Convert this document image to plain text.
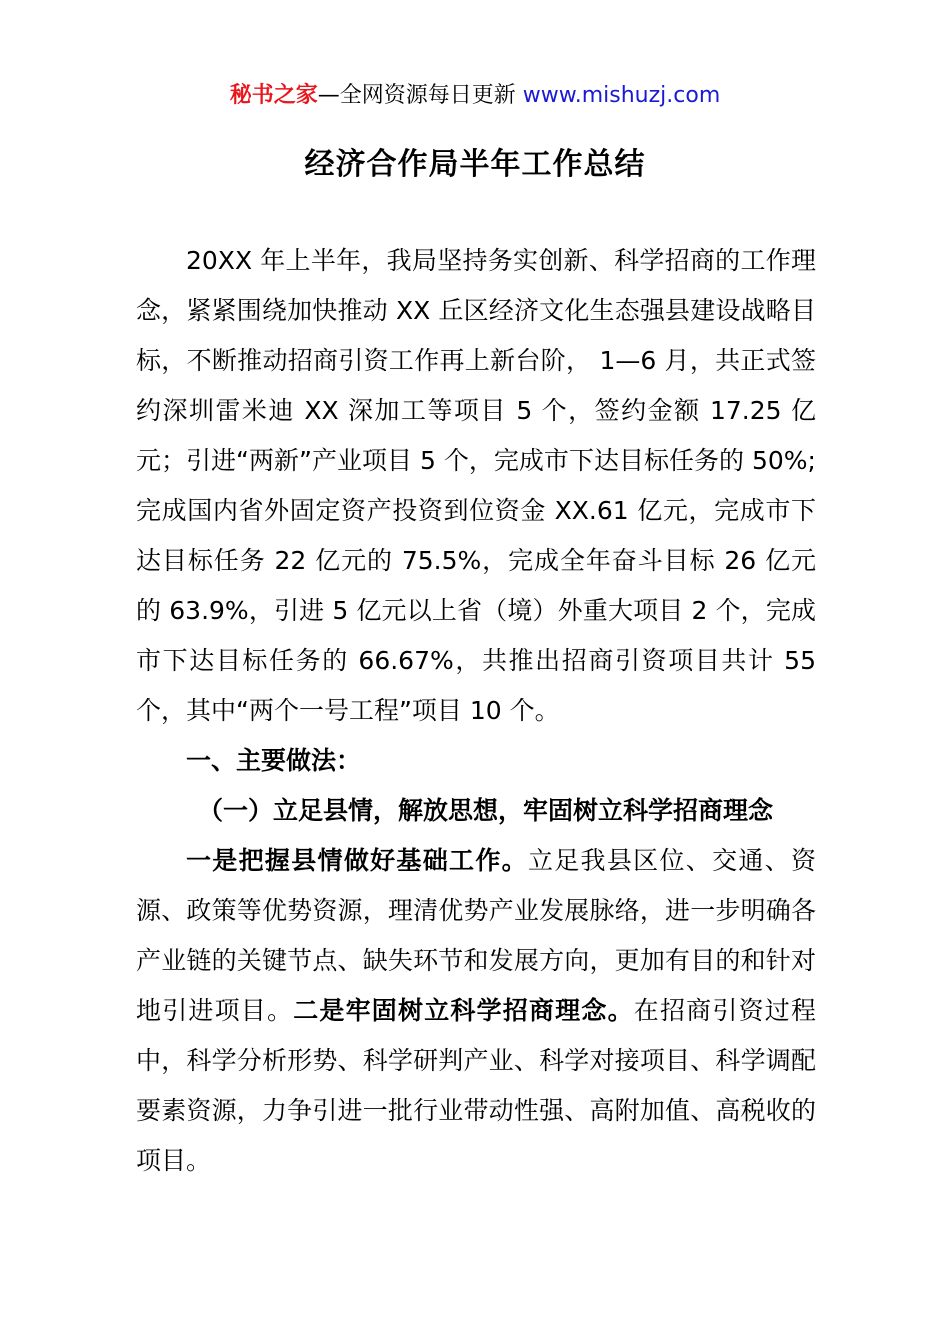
秘书之家—全网资源每日更新 www.mishuzj.com
经济合作局半年工作总结

20XX 年上半年，我局坚持务实创新、科学招商的工作理念，紧紧围绕加快推动 XX 丘区经济文化生态强县建设战略目标，不断推动招商引资工作再上新台阶， 1—6 月，共正式签约深圳雷米迪 XX 深加工等项目 5 个，签约金额 17.25 亿元；引进“两新”产业项目 5 个，完成市下达目标任务的 50%;完成国内省外固定资产投资到位资金 XX.61 亿元，完成市下达目标任务 22 亿元的 75.5%，完成全年奋斗目标 26 亿元的 63.9%，引进 5 亿元以上省（境）外重大项目 2 个，完成市下达目标任务的 66.67%，共推出招商引资项目共计 55 个，其中“两个一号工程”项目 10 个。

一、主要做法：

（一）立足县情，解放思想，牢固树立科学招商理念

一是把握县情做好基础工作。立足我县区位、交通、资源、政策等优势资源，理清优势产业发展脉络，进一步明确各产业链的关键节点、缺失环节和发展方向，更加有目的和针对地引进项目。二是牢固树立科学招商理念。在招商引资过程中，科学分析形势、科学研判产业、科学对接项目、科学调配要素资源，力争引进一批行业带动性强、高附加值、高税收的项目。
